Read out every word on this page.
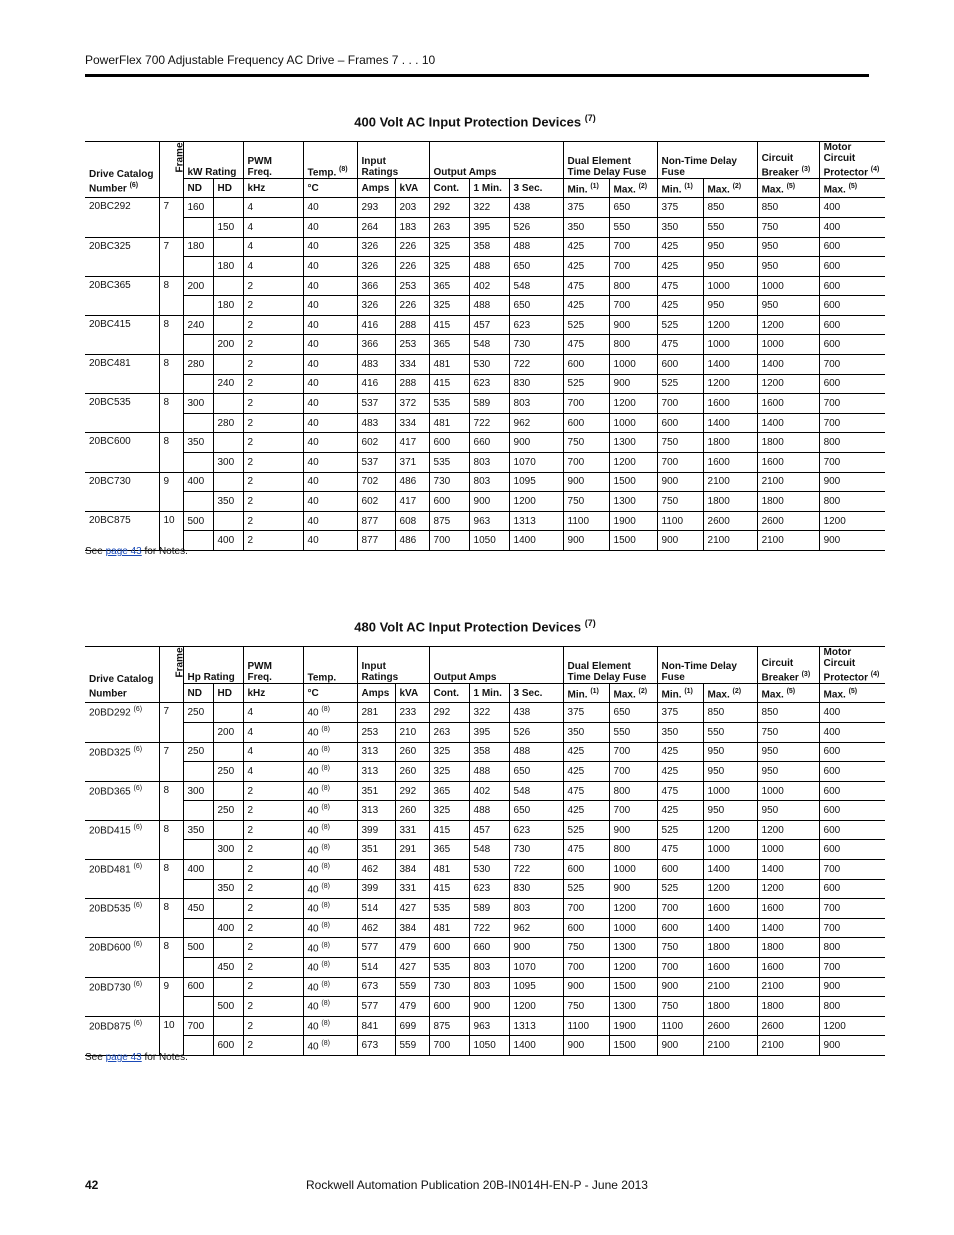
PowerFlex 700 Adjustable Frequency AC Drive – Frames 7 . . . 10
400 Volt AC Input Protection Devices $^{(7)}$
Drive Catalog Number $^{(6)}$	Frame	kW Rating		PWM Freq.	Temp. $^{(8)}$	Input Ratings		Output Amps			Dual Element Time Delay Fuse		Non-Time Delay Fuse		Circuit Breaker $^{(3)}$	Motor Circuit Protector $^{(4)}$
		ND	HD	kHz	°C	Amps	kVA	Cont.	1 Min.	3 Sec.	Min. $^{(1)}$	Max. $^{(2)}$	Min. $^{(1)}$	Max. $^{(2)}$	Max. $^{(5)}$	Max. $^{(5)}$
20BC292	7	160		4	40	293	203	292	322	438	375	650	375	850	850	400
			150	4	40	264	183	263	395	526	350	550	350	550	750	400
20BC325	7	180		4	40	326	226	325	358	488	425	700	425	950	950	600
			180	4	40	326	226	325	488	650	425	700	425	950	950	600
20BC365	8	200		2	40	366	253	365	402	548	475	800	475	1000	1000	600
			180	2	40	326	226	325	488	650	425	700	425	950	950	600
20BC415	8	240		2	40	416	288	415	457	623	525	900	525	1200	1200	600
			200	2	40	366	253	365	548	730	475	800	475	1000	1000	600
20BC481	8	280		2	40	483	334	481	530	722	600	1000	600	1400	1400	700
			240	2	40	416	288	415	623	830	525	900	525	1200	1200	600
20BC535	8	300		2	40	537	372	535	589	803	700	1200	700	1600	1600	700
			280	2	40	483	334	481	722	962	600	1000	600	1400	1400	700
20BC600	8	350		2	40	602	417	600	660	900	750	1300	750	1800	1800	800
			300	2	40	537	371	535	803	1070	700	1200	700	1600	1600	700
20BC730	9	400		2	40	702	486	730	803	1095	900	1500	900	2100	2100	900
			350	2	40	602	417	600	900	1200	750	1300	750	1800	1800	800
20BC875	10	500		2	40	877	608	875	963	1313	1100	1900	1100	2600	2600	1200
			400	2	40	877	486	700	1050	1400	900	1500	900	2100	2100	900
See page 43 for Notes.
480 Volt AC Input Protection Devices $^{(7)}$
Drive Catalog Number	Frame	Hp Rating		PWM Freq.	Temp.	Input Ratings		Output Amps			Dual Element Time Delay Fuse		Non-Time Delay Fuse		Circuit Breaker $^{(3)}$	Motor Circuit Protector $^{(4)}$
		ND	HD	kHz	°C	Amps	kVA	Cont.	1 Min.	3 Sec.	Min. $^{(1)}$	Max. $^{(2)}$	Min. $^{(1)}$	Max. $^{(2)}$	Max. $^{(5)}$	Max. $^{(5)}$
20BD292 $^{(6)}$	7	250		4	40 $^{(8)}$	281	233	292	322	438	375	650	375	850	850	400
			200	4	40 $^{(8)}$	253	210	263	395	526	350	550	350	550	750	400
20BD325 $^{(6)}$	7	250		4	40 $^{(8)}$	313	260	325	358	488	425	700	425	950	950	600
			250	4	40 $^{(8)}$	313	260	325	488	650	425	700	425	950	950	600
20BD365 $^{(6)}$	8	300		2	40 $^{(8)}$	351	292	365	402	548	475	800	475	1000	1000	600
			250	2	40 $^{(8)}$	313	260	325	488	650	425	700	425	950	950	600
20BD415 $^{(6)}$	8	350		2	40 $^{(8)}$	399	331	415	457	623	525	900	525	1200	1200	600
			300	2	40 $^{(8)}$	351	291	365	548	730	475	800	475	1000	1000	600
20BD481 $^{(6)}$	8	400		2	40 $^{(8)}$	462	384	481	530	722	600	1000	600	1400	1400	700
			350	2	40 $^{(8)}$	399	331	415	623	830	525	900	525	1200	1200	600
20BD535 $^{(6)}$	8	450		2	40 $^{(8)}$	514	427	535	589	803	700	1200	700	1600	1600	700
			400	2	40 $^{(8)}$	462	384	481	722	962	600	1000	600	1400	1400	700
20BD600 $^{(6)}$	8	500		2	40 $^{(8)}$	577	479	600	660	900	750	1300	750	1800	1800	800
			450	2	40 $^{(8)}$	514	427	535	803	1070	700	1200	700	1600	1600	700
20BD730 $^{(6)}$	9	600		2	40 $^{(8)}$	673	559	730	803	1095	900	1500	900	2100	2100	900
			500	2	40 $^{(8)}$	577	479	600	900	1200	750	1300	750	1800	1800	800
20BD875 $^{(6)}$	10	700		2	40 $^{(8)}$	841	699	875	963	1313	1100	1900	1100	2600	2600	1200
			600	2	40 $^{(8)}$	673	559	700	1050	1400	900	1500	900	2100	2100	900
See page 43 for Notes.
42	Rockwell Automation Publication 20B-IN014H-EN-P - June 2013
